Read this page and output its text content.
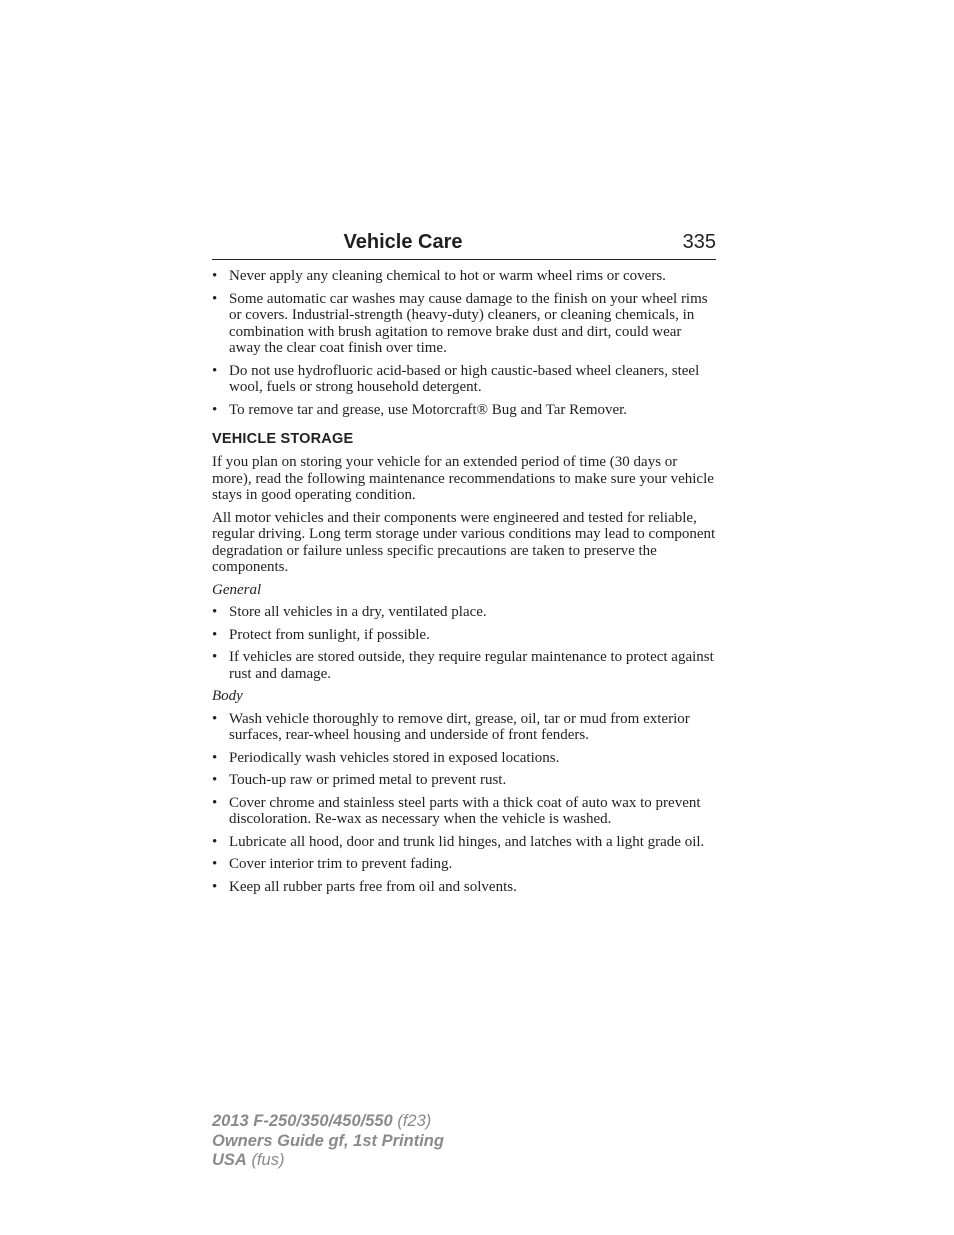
Vehicle Care	335
• Never apply any cleaning chemical to hot or warm wheel rims or covers.
• Some automatic car washes may cause damage to the finish on your wheel rims or covers. Industrial-strength (heavy-duty) cleaners, or cleaning chemicals, in combination with brush agitation to remove brake dust and dirt, could wear away the clear coat finish over time.
• Do not use hydrofluoric acid-based or high caustic-based wheel cleaners, steel wool, fuels or strong household detergent.
• To remove tar and grease, use Motorcraft® Bug and Tar Remover.
VEHICLE STORAGE

If you plan on storing your vehicle for an extended period of time (30 days or more), read the following maintenance recommendations to make sure your vehicle stays in good operating condition.

All motor vehicles and their components were engineered and tested for reliable, regular driving. Long term storage under various conditions may lead to component degradation or failure unless specific precautions are taken to preserve the components.

General

• Store all vehicles in a dry, ventilated place.
• Protect from sunlight, if possible.
• If vehicles are stored outside, they require regular maintenance to protect against rust and damage.

Body

• Wash vehicle thoroughly to remove dirt, grease, oil, tar or mud from exterior surfaces, rear-wheel housing and underside of front fenders.
• Periodically wash vehicles stored in exposed locations.
• Touch-up raw or primed metal to prevent rust.
• Cover chrome and stainless steel parts with a thick coat of auto wax to prevent discoloration. Re-wax as necessary when the vehicle is washed.
• Lubricate all hood, door and trunk lid hinges, and latches with a light grade oil.
• Cover interior trim to prevent fading.
• Keep all rubber parts free from oil and solvents.
2013 F-250/350/450/550 (f23)
Owners Guide gf, 1st Printing
USA (fus)
